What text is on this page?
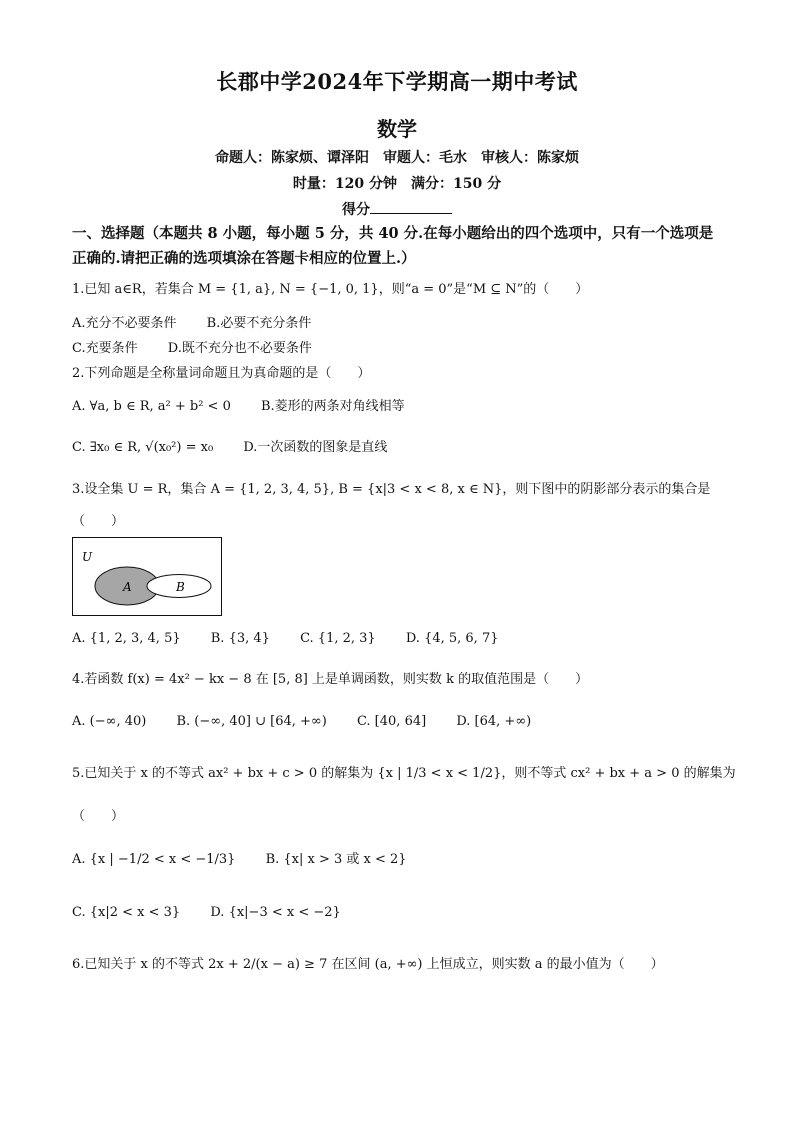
长郡中学2024年下学期高一期中考试
数学
命题人：陈家烦、谭泽阳　审题人：毛水　审核人：陈家烦
时量：120 分钟　满分：150 分
得分
一、选择题（本题共 8 小题，每小题 5 分，共 40 分.在每小题给出的四个选项中，只有一个选项是正确的.请把正确的选项填涂在答题卡相应的位置上.）
1.已知 a∈R，若集合 M = {1, a}, N = {−1, 0, 1}，则“a = 0”是“M ⊆ N”的（　　）
A.充分不必要条件 B.必要不充分条件
C.充要条件 D.既不充分也不必要条件
2.下列命题是全称量词命题且为真命题的是（　　）
A. ∀a, b ∈ R, a² + b² < 0 B.菱形的两条对角线相等
C. ∃x₀ ∈ R, √(x₀²) = x₀ D.一次函数的图象是直线
3.设全集 U = R，集合 A = {1, 2, 3, 4, 5}, B = {x|3 < x < 8, x ∈ N}，则下图中的阴影部分表示的集合是
（　　）
U
A	B
A. {1, 2, 3, 4, 5} B. {3, 4} C. {1, 2, 3} D. {4, 5, 6, 7}
4.若函数 f(x) = 4x² − kx − 8 在 [5, 8] 上是单调函数，则实数 k 的取值范围是（　　）
A. (−∞, 40) B. (−∞, 40] ∪ [64, +∞) C. [40, 64] D. [64, +∞)
5.已知关于 x 的不等式 ax² + bx + c > 0 的解集为 {x | 1/3 < x < 1/2}，则不等式 cx² + bx + a > 0 的解集为
（　　）
A. {x | −1/2 < x < −1/3} B. {x| x > 3 或 x < 2}
C. {x|2 < x < 3} D. {x|−3 < x < −2}
6.已知关于 x 的不等式 2x + 2/(x − a) ≥ 7 在区间 (a, +∞) 上恒成立，则实数 a 的最小值为（　　）
